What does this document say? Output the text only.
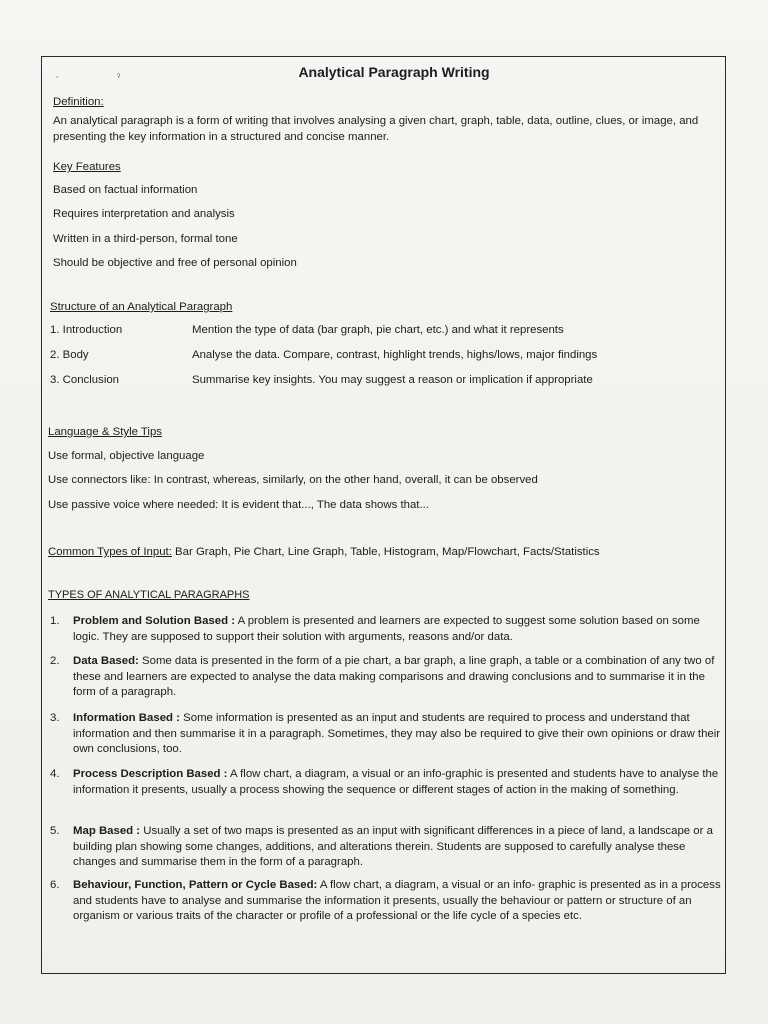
⸱ ˀ	Analytical Paragraph Writing
Definition:
An analytical paragraph is a form of writing that involves analysing a given chart, graph, table, data, outline, clues, or image, and presenting the key information in a structured and concise manner.
Key Features
Based on factual information
Requires interpretation and analysis
Written in a third-person, formal tone
Should be objective and free of personal opinion
Structure of an Analytical Paragraph
1. Introduction	Mention the type of data (bar graph, pie chart, etc.) and what it represents
2. Body	Analyse the data. Compare, contrast, highlight trends, highs/lows, major findings
3. Conclusion	Summarise key insights. You may suggest a reason or implication if appropriate
Language & Style Tips
Use formal, objective language
Use connectors like: In contrast, whereas, similarly, on the other hand, overall, it can be observed
Use passive voice where needed: It is evident that..., The data shows that...
Common Types of Input: Bar Graph, Pie Chart, Line Graph, Table, Histogram, Map/Flowchart, Facts/Statistics
TYPES OF ANALYTICAL PARAGRAPHS
1. Problem and Solution Based : A problem is presented and learners are expected to suggest some solution based on some logic. They are supposed to support their solution with arguments, reasons and/or data.
2. Data Based: Some data is presented in the form of a pie chart, a bar graph, a line graph, a table or a combination of any two of these and learners are expected to analyse the data making comparisons and drawing conclusions and to summarise it in the form of a paragraph.
3. Information Based : Some information is presented as an input and students are required to process and understand that information and then summarise it in a paragraph. Sometimes, they may also be required to give their own opinions or draw their own conclusions, too.
4. Process Description Based : A flow chart, a diagram, a visual or an info-graphic is presented and students have to analyse the information it presents, usually a process showing the sequence or different stages of action in the making of something.
5. Map Based : Usually a set of two maps is presented as an input with significant differences in a piece of land, a landscape or a building plan showing some changes, additions, and alterations therein. Students are supposed to carefully analyse these changes and summarise them in the form of a paragraph.
6. Behaviour, Function, Pattern or Cycle Based: A flow chart, a diagram, a visual or an info- graphic is presented as in a process and students have to analyse and summarise the information it presents, usually the behaviour or pattern or structure of an organism or various traits of the character or profile of a professional or the life cycle of a species etc.
